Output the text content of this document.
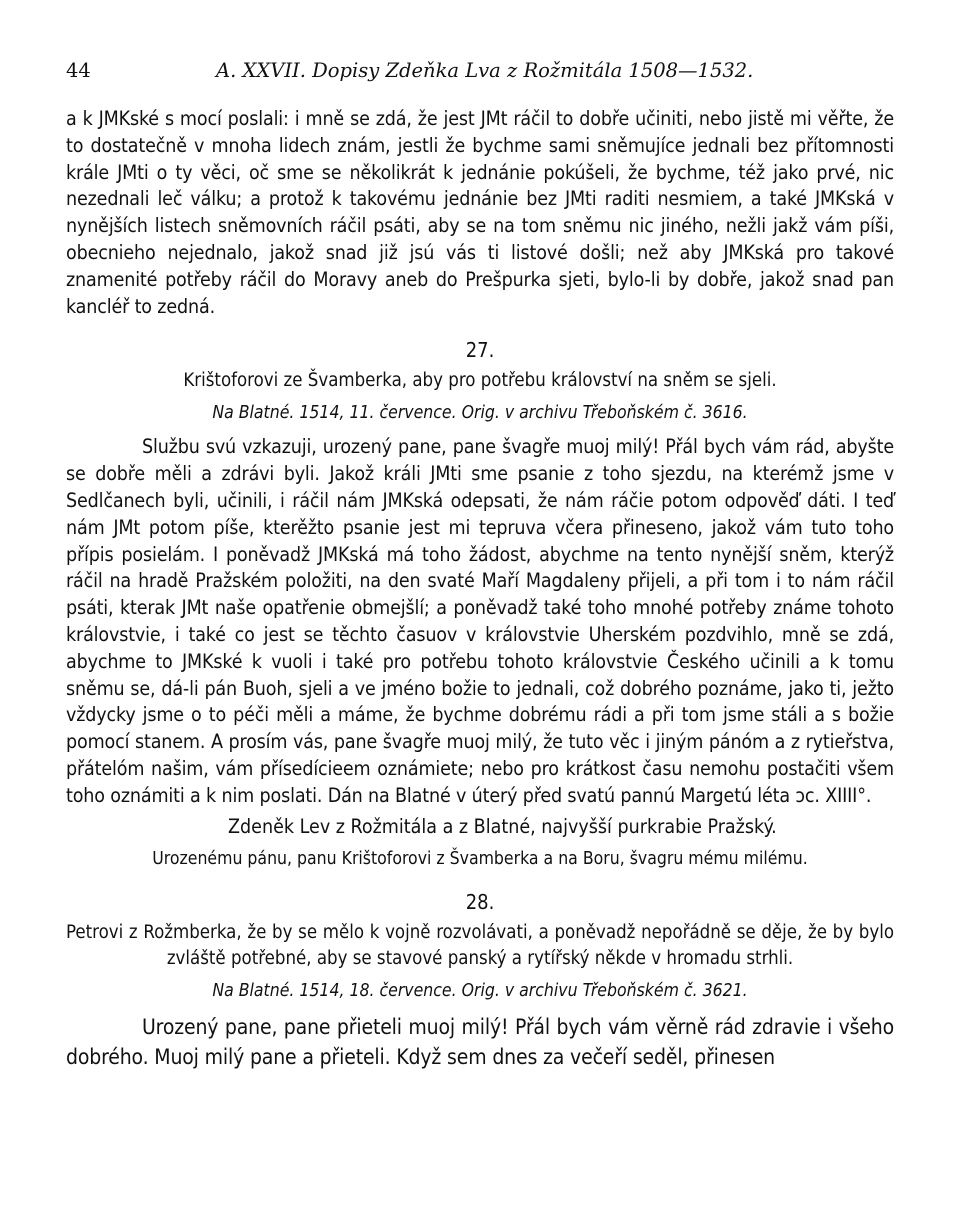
44	A. XXVII. Dopisy Zdeňka Lva z Rožmitála 1508—1532.

a k JMKské s mocí poslali: i mně se zdá, že jest JMt ráčil to dobře učiniti, nebo jistě mi věřte, že to dostatečně v mnoha lidech znám, jestli že bychme sami sněmujíce jednali bez přítomnosti krále JMti o ty věci, oč sme se několikrát k jednánie pokúšeli, že bychme, též jako prvé, nic nezednali leč válku; a protož k takovému jednánie bez JMti raditi nesmiem, a také JMKská v nynějších listech sněmovních ráčil psáti, aby se na tom sněmu nic jiného, nežli jakž vám píši, obecnieho nejednalo, jakož snad již jsú vás ti listové došli; než aby JMKská pro takové znamenité potřeby ráčil do Moravy aneb do Prešpurka sjeti, bylo-li by dobře, jakož snad pan kancléř to zedná.

27.
Krištoforovi ze Švamberka, aby pro potřebu království na sněm se sjeli.
Na Blatné. 1514, 11. července. Orig. v archivu Třeboňském č. 3616.

Službu svú vzkazuji, urozený pane, pane švagře muoj milý! Přál bych vám rád, abyšte se dobře měli a zdrávi byli. Jakož králi JMti sme psanie z toho sjezdu, na kterémž jsme v Sedlčanech byli, učinili, i ráčil nám JMKská odepsati, že nám ráčie potom odpověď dáti. I teď nám JMt potom píše, kterěžto psanie jest mi tepruva včera přineseno, jakož vám tuto toho přípis posielám. I poněvadž JMKská má toho žádost, abychme na tento nynější sněm, kterýž ráčil na hradě Pražském položiti, na den svaté Maří Magdaleny přijeli, a při tom i to nám ráčil psáti, kterak JMt naše opatřenie obmejšlí; a poněvadž také toho mnohé potřeby známe tohoto královstvie, i také co jest se těchto časuov v královstvie Uherském pozdvihlo, mně se zdá, abychme to JMKské k vuoli i také pro potřebu tohoto královstvie Českého učinili a k tomu sněmu se, dá-li pán Buoh, sjeli a ve jméno božie to jednali, což dobrého poznáme, jako ti, ježto vždycky jsme o to péči měli a máme, že bychme dobrému rádi a při tom jsme stáli a s božie pomocí stanem. A prosím vás, pane švagře muoj milý, že tuto věc i jiným pánóm a z rytieřstva, přátelóm našim, vám přísedícieem oznámiete; nebo pro krátkost času nemohu postačiti všem toho oznámiti a k nim poslati. Dán na Blatné v úterý před svatú pannú Margetú léta ɔc. XIIII°.

Zdeněk Lev z Rožmitála a z Blatné, najvyšší purkrabie Pražský.
Urozenému pánu, panu Krištoforovi z Švamberka a na Boru, švagru mému milému.
28.
Petrovi z Rožmberka, že by se mělo k vojně rozvolávati, a poněvadž nepořádně se děje, že by bylo zvláště potřebné, aby se stavové panský a rytířský někde v hromadu strhli.
Na Blatné. 1514, 18. července. Orig. v archivu Třeboňském č. 3621.

Urozený pane, pane přieteli muoj milý! Přál bych vám věrně rád zdravie i všeho dobrého. Muoj milý pane a přieteli. Když sem dnes za večeří seděl, přinesen
